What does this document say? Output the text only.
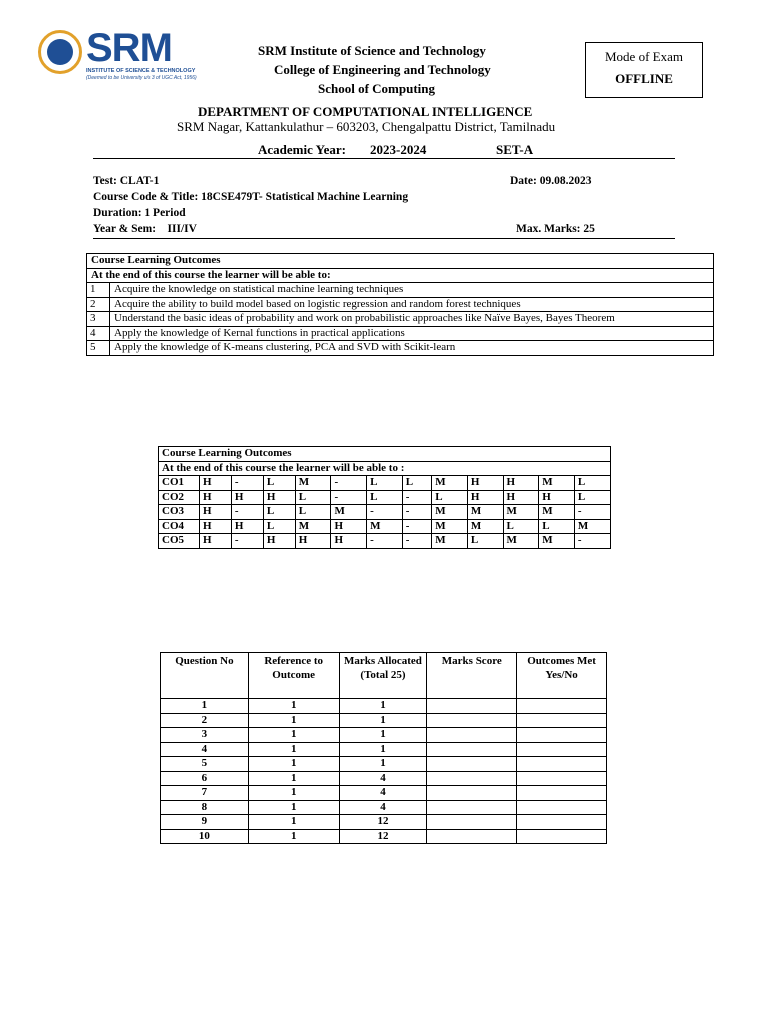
SRM
INSTITUTE OF SCIENCE & TECHNOLOGY
(Deemed to be University u/s 3 of UGC Act, 1956)
SRM Institute of Science and Technology
College of Engineering and Technology
School of Computing
DEPARTMENT OF COMPUTATIONAL INTELLIGENCE
SRM Nagar, Kattankulathur – 603203, Chengalpattu District, Tamilnadu
Academic Year: 2023-2024	SET-A
Mode of Exam
OFFLINE
Test: CLAT-1	Date: 09.08.2023
Course Code & Title: 18CSE479T- Statistical Machine Learning
Duration: 1 Period
Year & Sem:    III/IV	Max. Marks: 25
Course Learning Outcomes	
At the end of this course the learner will be able to:	
1	Acquire the knowledge on statistical machine learning techniques
2	Acquire the ability to build model based on logistic regression and random forest techniques
3	Understand the basic ideas of probability and work on probabilistic approaches like Naïve Bayes, Bayes Theorem
4	Apply the knowledge of Kernal functions in practical applications
5	Apply the knowledge of K-means clustering, PCA and SVD with Scikit-learn
Course Learning Outcomes												
At the end of this course the learner will be able to :												
CO1	H	-	L	M	-	L	L	M	H	H	M	L
CO2	H	H	H	L	-	L	-	L	H	H	H	L
CO3	H	-	L	L	M	-	-	M	M	M	M	-
CO4	H	H	L	M	H	M	-	M	M	L	L	M
CO5	H	-	H	H	H	-	-	M	L	M	M	-
Question No	Reference to Outcome	Marks Allocated (Total 25)	Marks Score	Outcomes Met Yes/No
1	1	1		
2	1	1		
3	1	1		
4	1	1		
5	1	1		
6	1	4		
7	1	4		
8	1	4		
9	1	12		
10	1	12		
